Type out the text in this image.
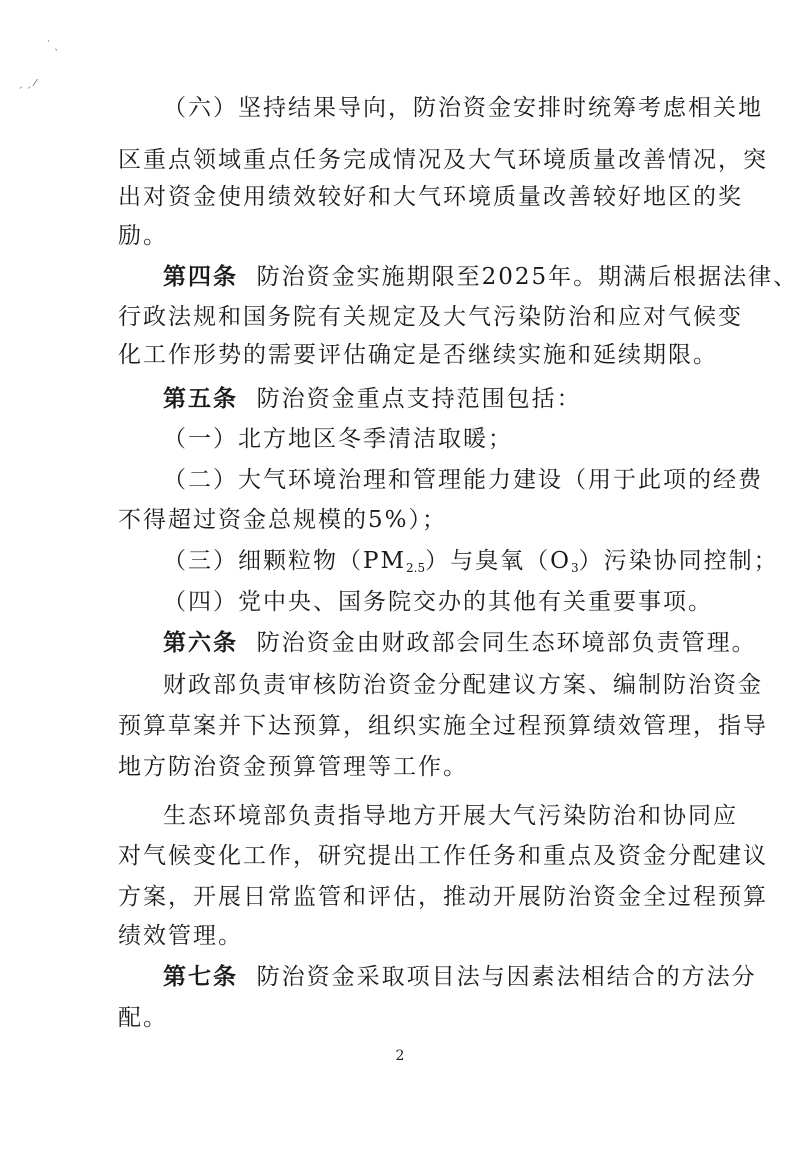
˙ ˎ
ˏ ˏ ⁄
（六）坚持结果导向，防治资金安排时统筹考虑相关地
区重点领域重点任务完成情况及大气环境质量改善情况，突
出对资金使用绩效较好和大气环境质量改善较好地区的奖
励。
第四条 防治资金实施期限至2025年。期满后根据法律、
行政法规和国务院有关规定及大气污染防治和应对气候变
化工作形势的需要评估确定是否继续实施和延续期限。
第五条 防治资金重点支持范围包括：
（一）北方地区冬季清洁取暖；
（二）大气环境治理和管理能力建设（用于此项的经费
不得超过资金总规模的5%）；
（三）细颗粒物$(PM_{2.5})$与臭氧$(O_3)$污染协同控制；
（四）党中央、国务院交办的其他有关重要事项。
第六条 防治资金由财政部会同生态环境部负责管理。
财政部负责审核防治资金分配建议方案、编制防治资金
预算草案并下达预算，组织实施全过程预算绩效管理，指导
地方防治资金预算管理等工作。
生态环境部负责指导地方开展大气污染防治和协同应
对气候变化工作，研究提出工作任务和重点及资金分配建议
方案，开展日常监管和评估，推动开展防治资金全过程预算
绩效管理。
第七条 防治资金采取项目法与因素法相结合的方法分
配。
2
